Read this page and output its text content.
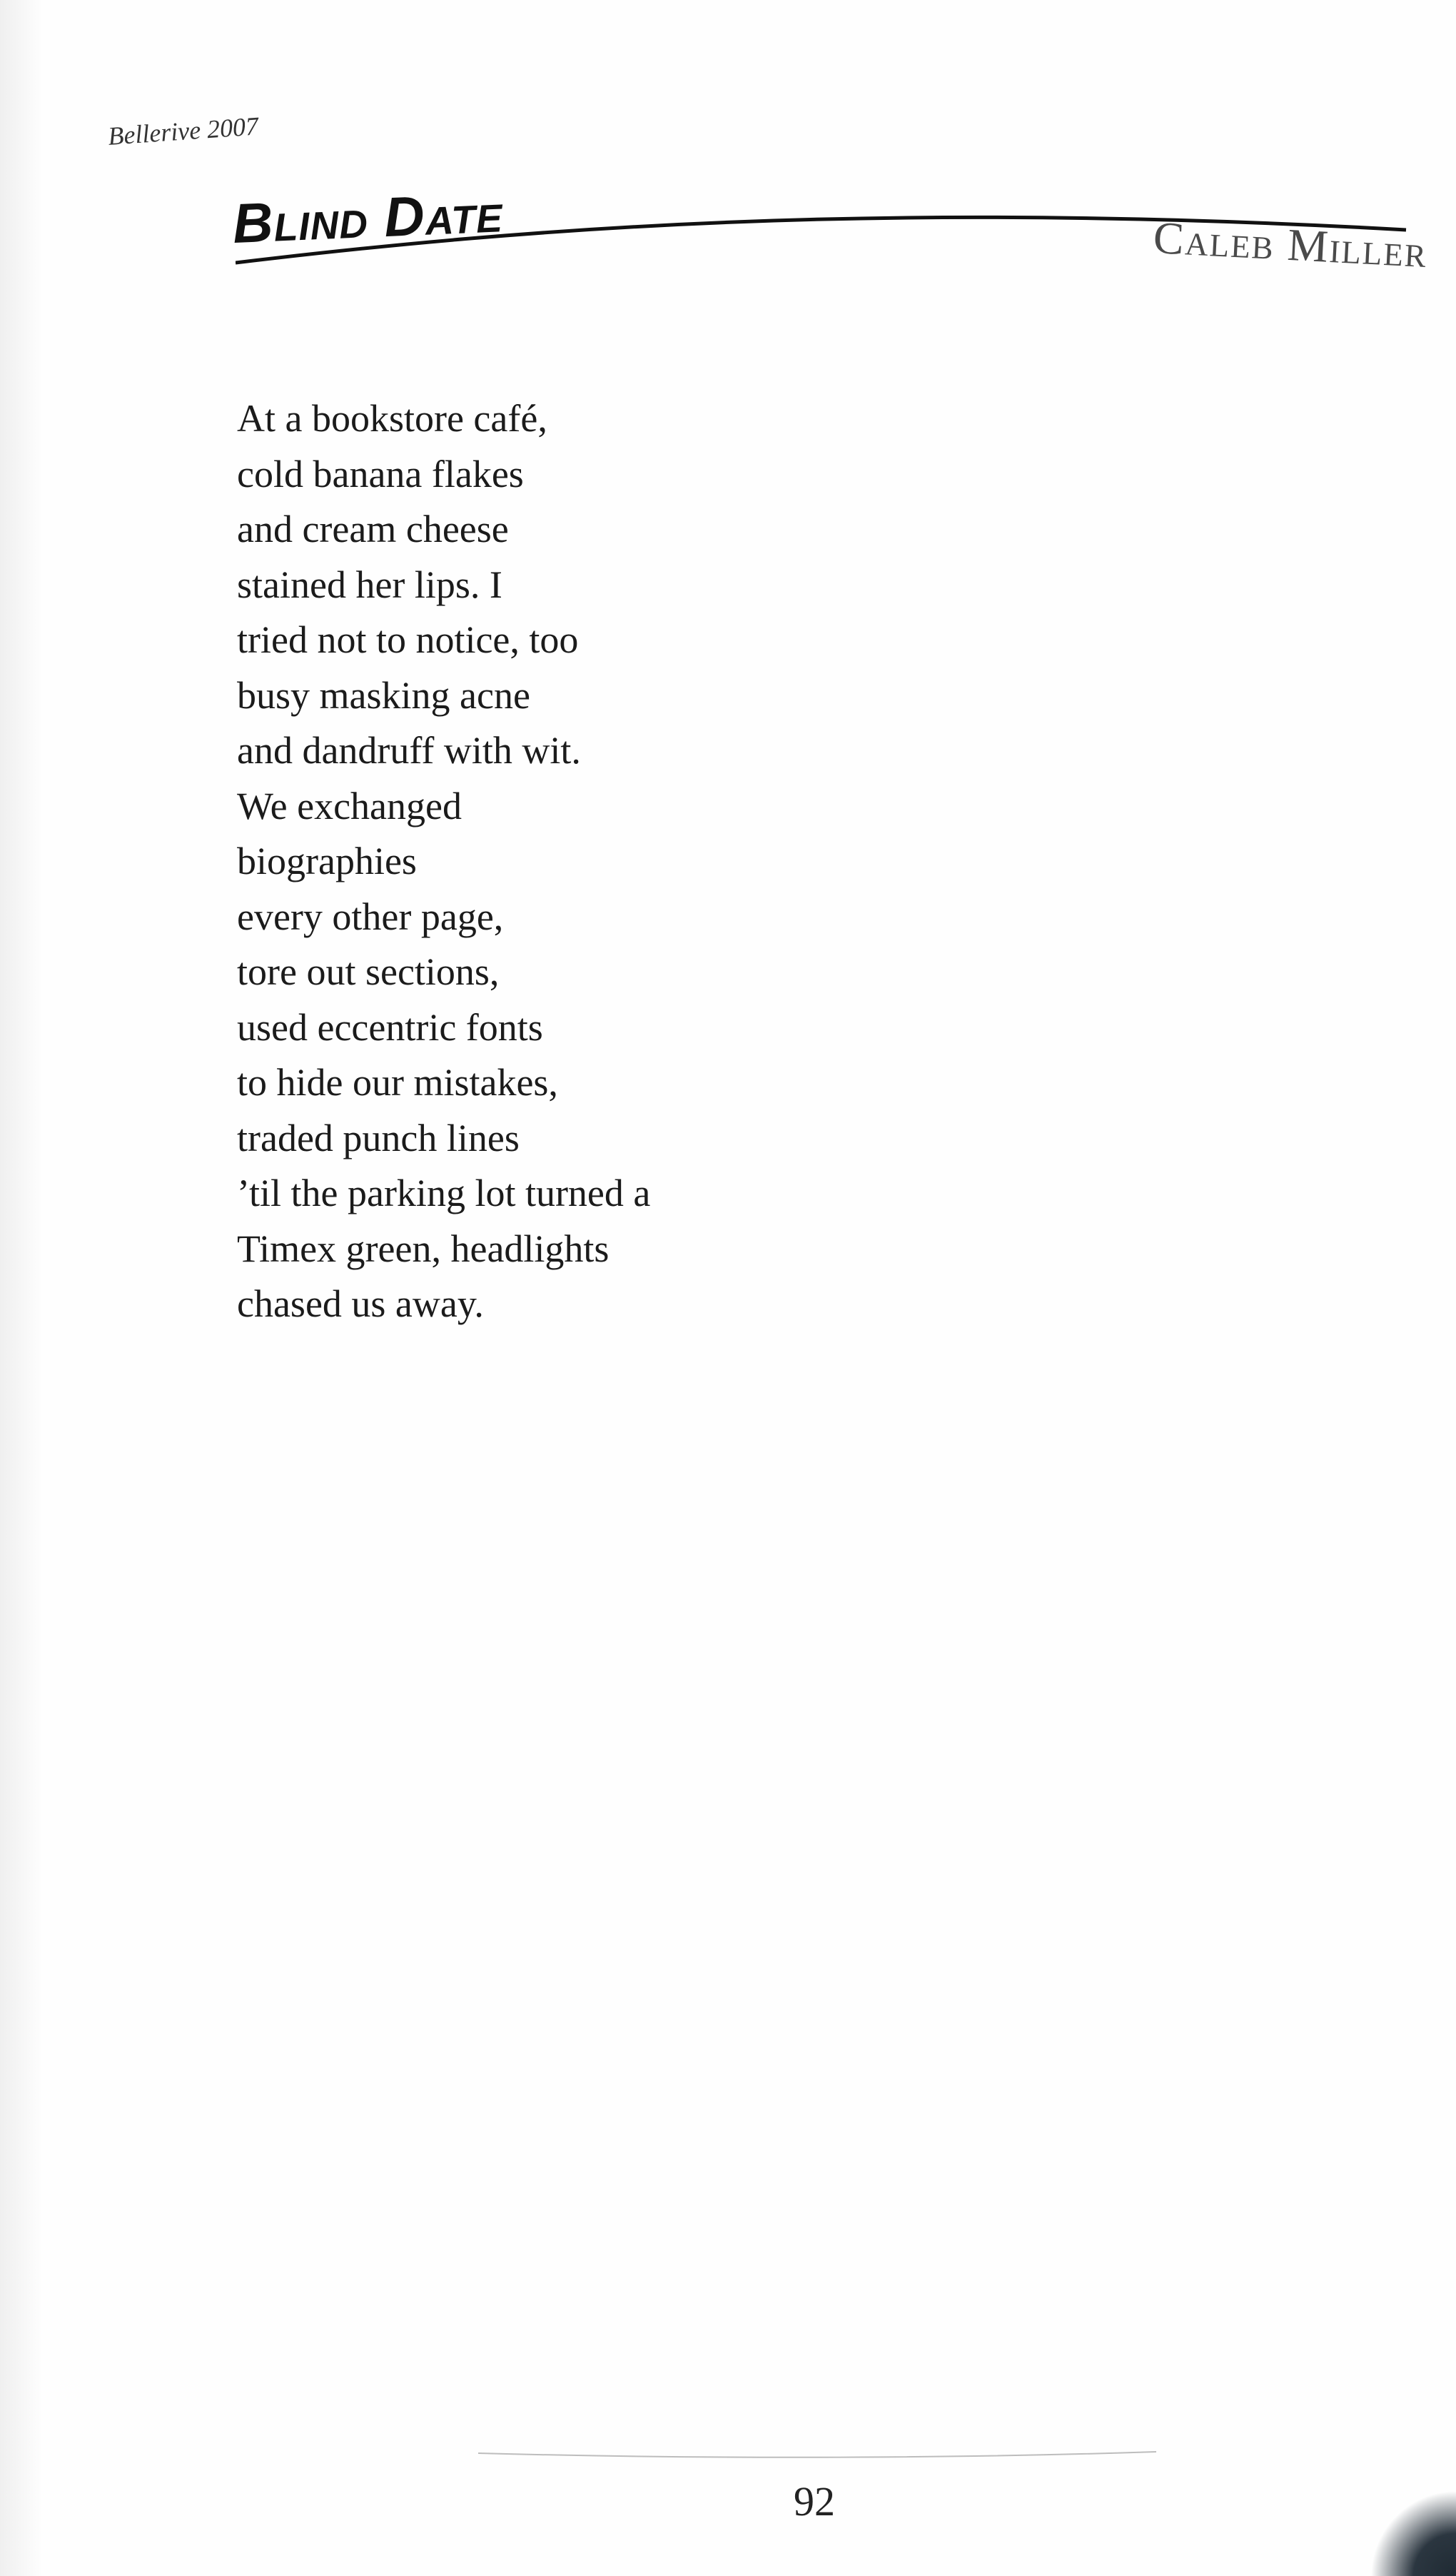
Bellerive 2007
Blind Date	Caleb Miller
At a bookstore café,
cold banana flakes
and cream cheese
stained her lips. I
tried not to notice, too
busy masking acne
and dandruff with wit.
We exchanged
biographies
every other page,
tore out sections,
used eccentric fonts
to hide our mistakes,
traded punch lines
’til the parking lot turned a
Timex green, headlights
chased us away.
92
